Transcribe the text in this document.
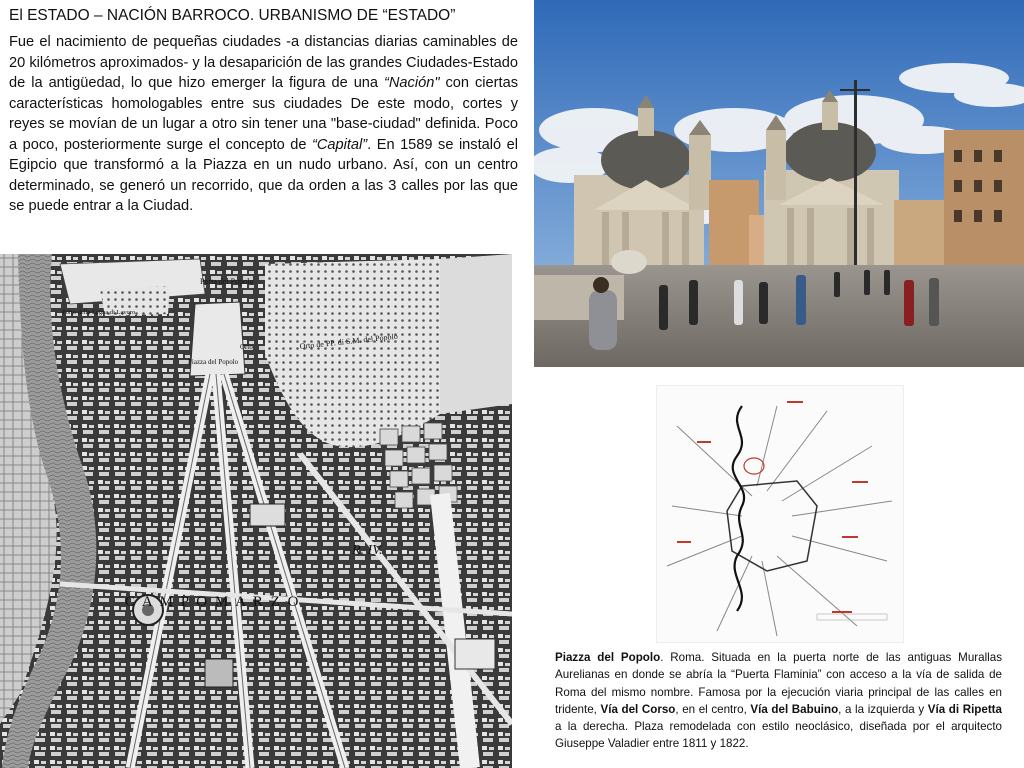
El ESTADO – NACIÓN BARROCO. URBANISMO DE “ESTADO”
Fue el nacimiento de pequeñas ciudades -a distancias diarias caminables de 20 kilómetros aproximados- y la desaparición de las grandes Ciudades-Estado de la antigüedad, lo que hizo emerger la figura de una “Nación" con ciertas características homologables entre sus ciudades De este modo, cortes y reyes se movían de un lugar a otro sin tener una "base-ciudad" definida. Poco a poco, posteriormente surge el concepto de “Capital”. En 1589 se instaló el Egipcio que transformó a la Piazza en un nudo urbano. Así, con un centro determinado, se generó un recorrido, que da orden a las 3 calles por las que se puede entrar a la Ciudad.
Porta del Popolo
Orto de PP. di S.M. del Popolo
Piazza del Popolo
Porto della Legna di Lavoro
Orto
R. IV.
C A M P O M A R Z O
Piazza del Popolo. Roma. Situada en la puerta norte de las antiguas Murallas Aurelianas en donde se abría la “Puerta Flaminia” con acceso a la vía de salida de Roma del mismo nombre. Famosa por la ejecución viaria principal de las calles en tridente, Vía del Corso, en el centro, Vía del Babuino, a la izquierda y Vía di Ripetta a la derecha. Plaza remodelada con estilo neoclásico, diseñada por el arquitecto Giuseppe Valadier entre 1811 y 1822.
